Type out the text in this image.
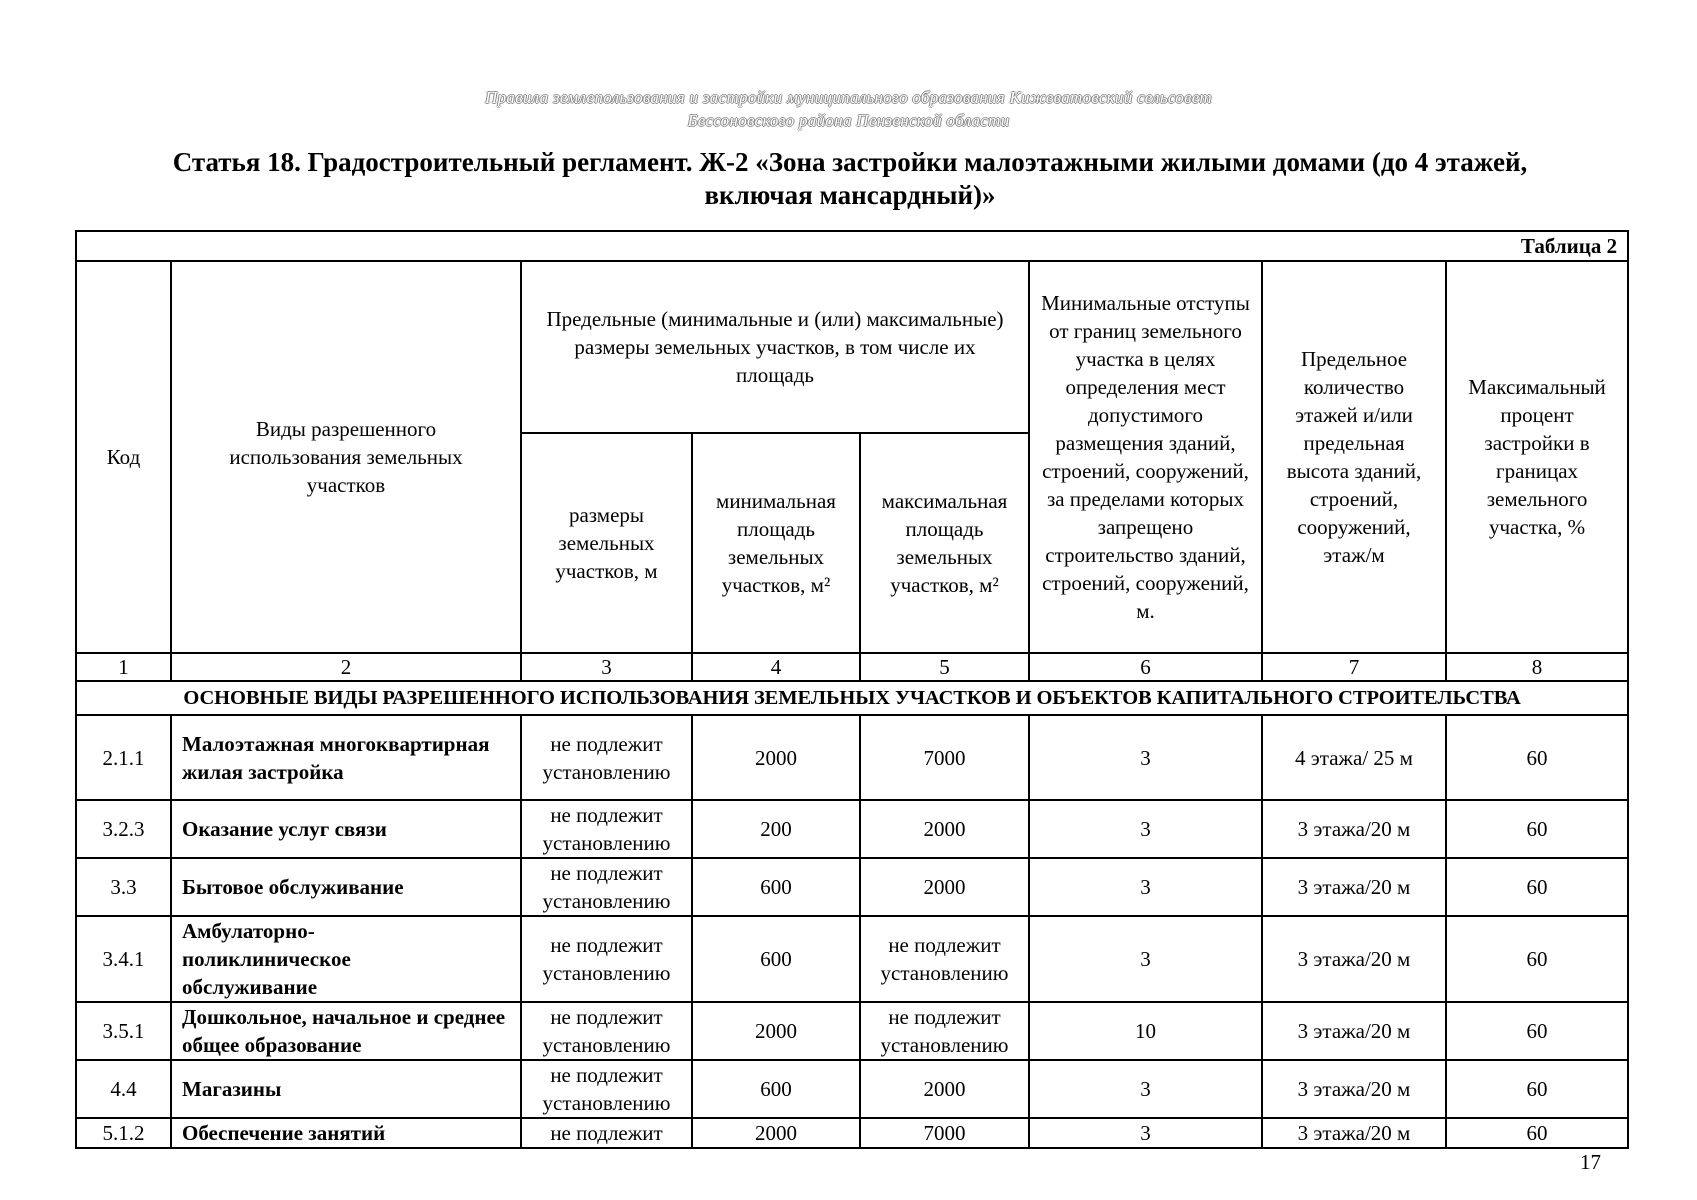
Правила землепользования и застройки муниципального образования Кижеватовский сельсовет
Бессоновского района Пензенской области
Статья 18. Градостроительный регламент. Ж-2 «Зона застройки малоэтажными жилыми домами (до 4 этажей,
включая мансардный)»
Таблица 2							
Код	Виды разрешенного использования земельных участков	Предельные (минимальные и (или) максимальные) размеры земельных участков, в том числе их площадь			Минимальные отступы от границ земельного участка в целях определения мест допустимого размещения зданий, строений, сооружений, за пределами которых запрещено строительство зданий, строений, сооружений, м.	Предельное количество этажей и/или предельная высота зданий, строений, сооружений, этаж/м	Максимальный процент застройки в границах земельного участка, %
		размеры земельных участков, м	минимальная площадь земельных участков, м²	максимальная площадь земельных участков, м²			
1	2	3	4	5	6	7	8
ОСНОВНЫЕ ВИДЫ РАЗРЕШЕННОГО ИСПОЛЬЗОВАНИЯ ЗЕМЕЛЬНЫХ УЧАСТКОВ И ОБЪЕКТОВ КАПИТАЛЬНОГО СТРОИТЕЛЬСТВА							
2.1.1	Малоэтажная многоквартирная жилая застройка	не подлежит установлению	2000	7000	3	4 этажа/ 25 м	60
3.2.3	Оказание услуг связи	не подлежит установлению	200	2000	3	3 этажа/20 м	60
3.3	Бытовое обслуживание	не подлежит установлению	600	2000	3	3 этажа/20 м	60
3.4.1	Амбулаторно-поликлиническое обслуживание	не подлежит установлению	600	не подлежит установлению	3	3 этажа/20 м	60
3.5.1	Дошкольное, начальное и среднее общее образование	не подлежит установлению	2000	не подлежит установлению	10	3 этажа/20 м	60
4.4	Магазины	не подлежит установлению	600	2000	3	3 этажа/20 м	60
5.1.2	Обеспечение занятий	не подлежит	2000	7000	3	3 этажа/20 м	60
17
